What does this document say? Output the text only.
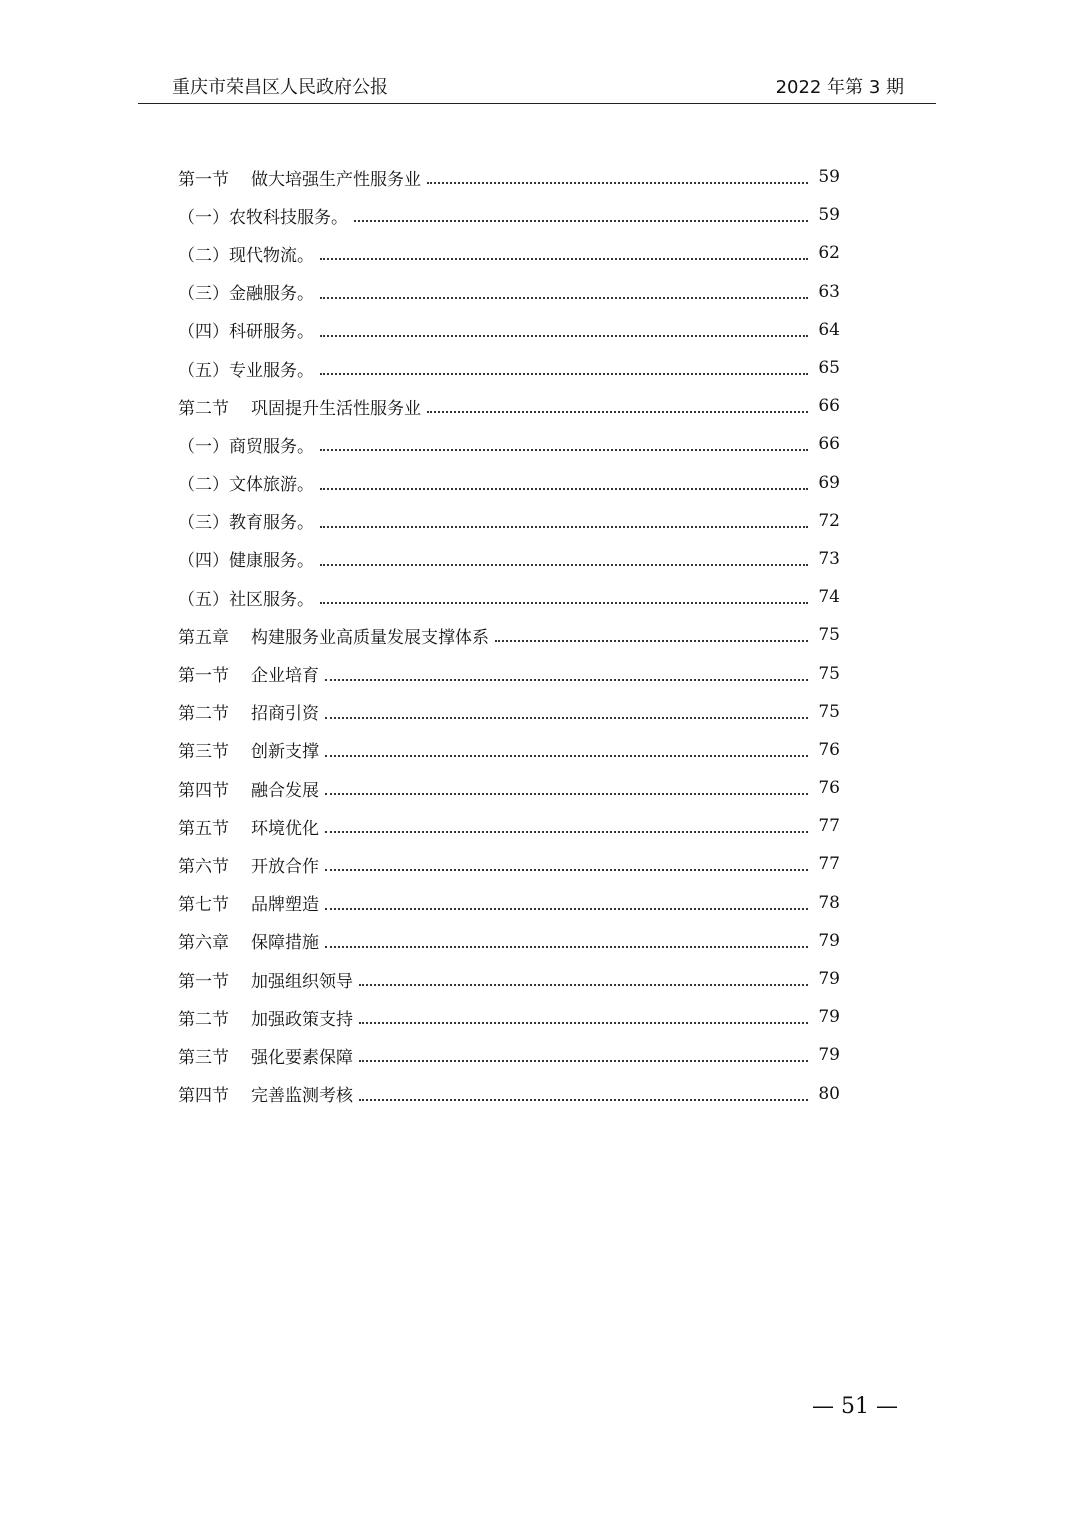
重庆市荣昌区人民政府公报	2022 年第 3 期
第一节 做大培强生产性服务业	59
（一）农牧科技服务。	59
（二）现代物流。	62
（三）金融服务。	63
（四）科研服务。	64
（五）专业服务。	65
第二节 巩固提升生活性服务业	66
（一）商贸服务。	66
（二）文体旅游。	69
（三）教育服务。	72
（四）健康服务。	73
（五）社区服务。	74
第五章 构建服务业高质量发展支撑体系	75
第一节 企业培育	75
第二节 招商引资	75
第三节 创新支撑	76
第四节 融合发展	76
第五节 环境优化	77
第六节 开放合作	77
第七节 品牌塑造	78
第六章 保障措施	79
第一节 加强组织领导	79
第二节 加强政策支持	79
第三节 强化要素保障	79
第四节 完善监测考核	80
— 51 —
